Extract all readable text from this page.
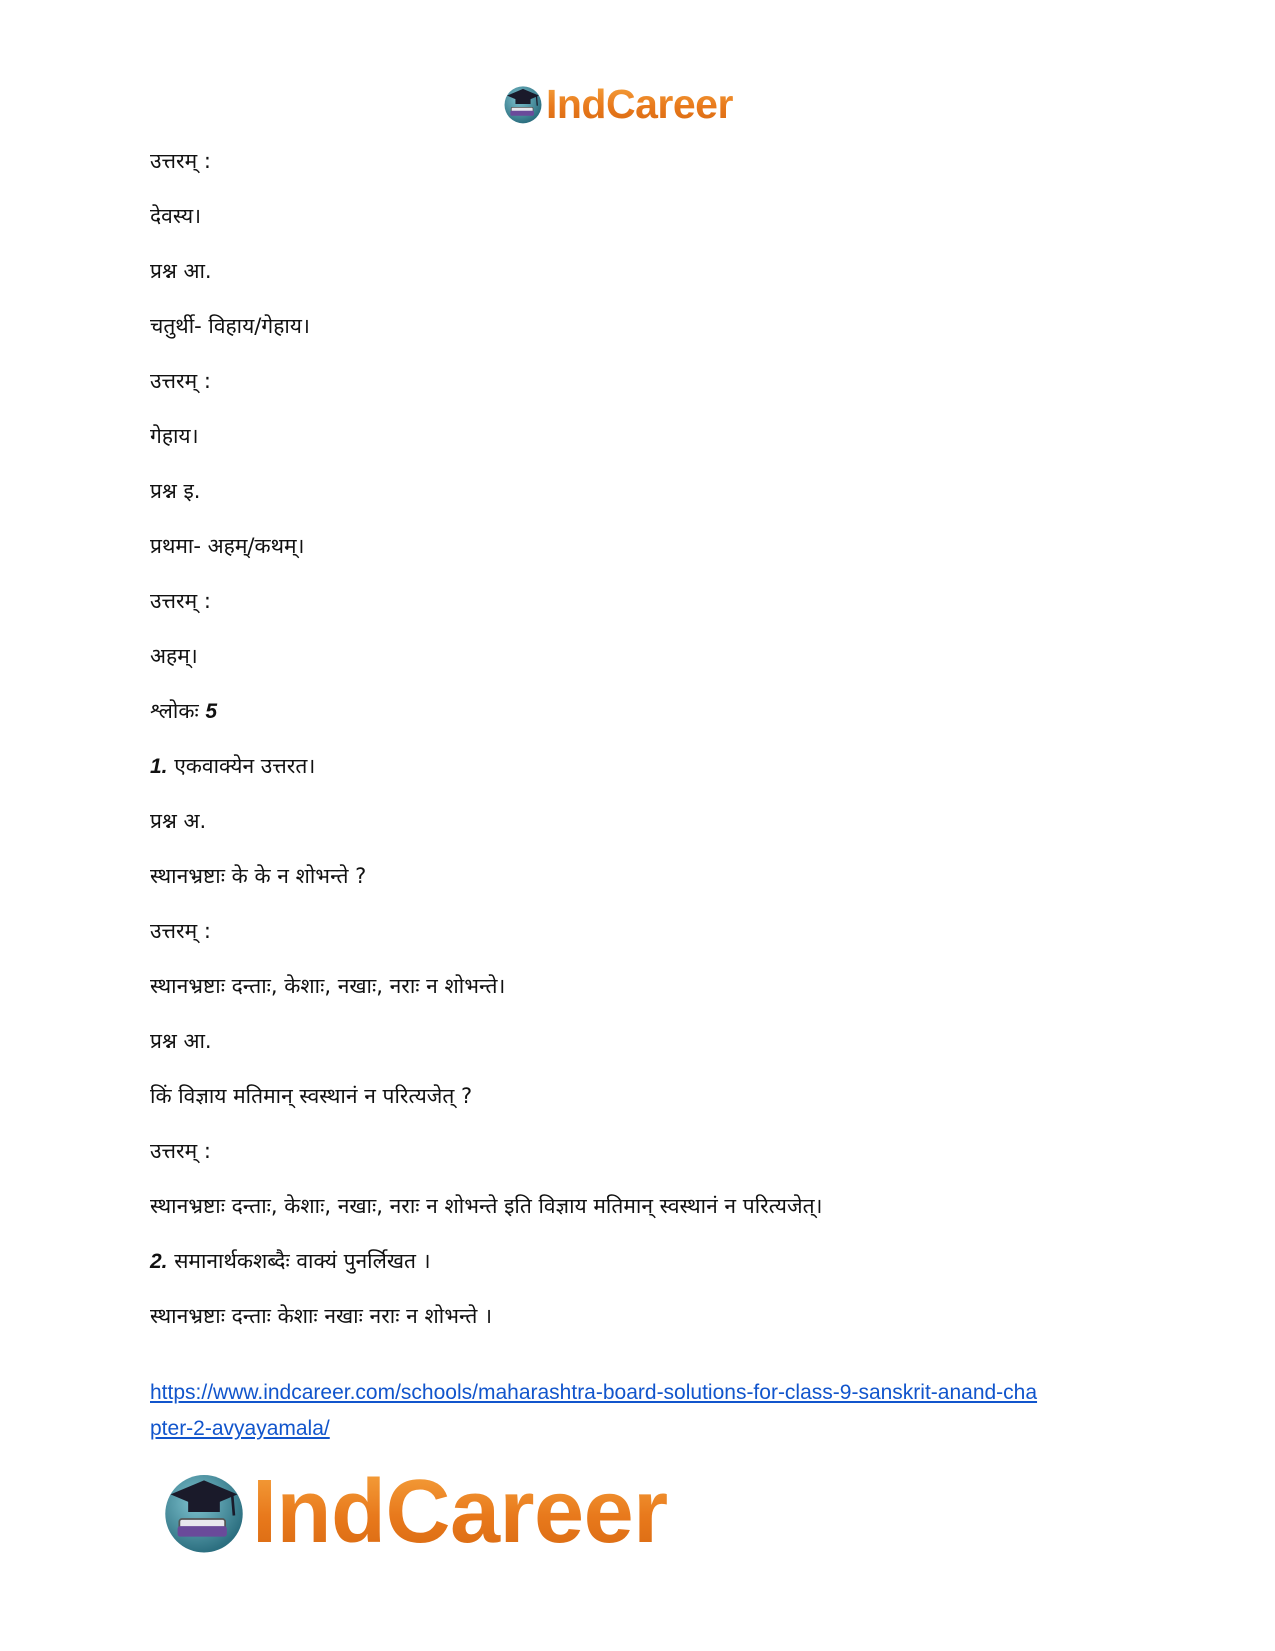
IndCareer
उत्तरम् :
देवस्य।
प्रश्न आ.
चतुर्थी- विहाय/गेहाय।
उत्तरम् :
गेहाय।
प्रश्न इ.
प्रथमा- अहम्/कथम्।
उत्तरम् :
अहम्।
श्लोकः 5
1. एकवाक्येन उत्तरत।
प्रश्न अ.
स्थानभ्रष्टाः के के न शोभन्ते ?
उत्तरम् :
स्थानभ्रष्टाः दन्ताः, केशाः, नखाः, नराः न शोभन्ते।
प्रश्न आ.
किं विज्ञाय मतिमान् स्वस्थानं न परित्यजेत् ?
उत्तरम् :
स्थानभ्रष्टाः दन्ताः, केशाः, नखाः, नराः न शोभन्ते इति विज्ञाय मतिमान् स्वस्थानं न परित्यजेत्।
2. समानार्थकशब्दैः वाक्यं पुनर्लिखत ।
स्थानभ्रष्टाः दन्ताः केशाः नखाः नराः न शोभन्ते ।
https://www.indcareer.com/schools/maharashtra-board-solutions-for-class-9-sanskrit-anand-cha
pter-2-avyayamala/
IndCareer
